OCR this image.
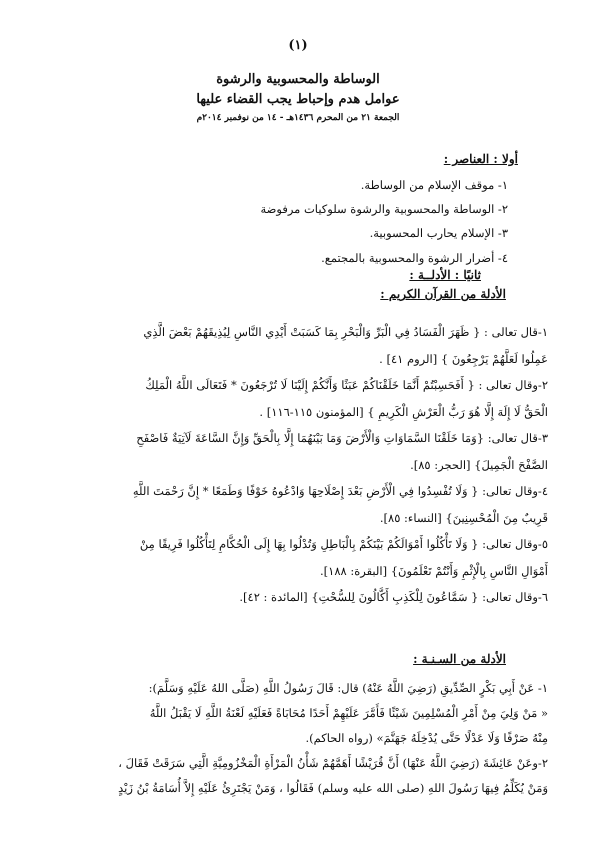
(١)
الوساطة والمحسوبية والرشوة
عوامل هدم وإحباط يجب القضاء عليها
الجمعة ٢١ من المحرم ١٤٣٦هـ - ١٤ من نوفمبر ٢٠١٤م
أولا : العناصر :
١- موقف الإسلام من الوساطة.
٢- الوساطة والمحسوبية والرشوة سلوكيات مرفوضة
٣- الإسلام يحارب المحسوبية.
٤- أضرار الرشوة والمحسوبية بالمجتمع.
ثانيًا : الأدلــة :
الأدلة من القرآن الكريم :
١-قال تعالى : { ظَهَرَ الْفَسَادُ فِي الْبَرِّ وَالْبَحْرِ بِمَا كَسَبَتْ أَيْدِي النَّاسِ لِيُذِيقَهُمْ بَعْضَ الَّذِي
عَمِلُوا لَعَلَّهُمْ يَرْجِعُونَ } [الروم ٤١] .
٢-وقال تعالى : { أَفَحَسِبْتُمْ أَنَّمَا خَلَقْنَاكُمْ عَبَثًا وَأَنَّكُمْ إِلَيْنَا لَا تُرْجَعُونَ * فَتَعَالَى اللَّهُ الْمَلِكُ
الْحَقُّ لَا إِلَهَ إِلَّا هُوَ رَبُّ الْعَرْشِ الْكَرِيمِ } [المؤمنون ١١٥-١١٦] .
٣-قال تعالى: {وَمَا خَلَقْنَا السَّمَاوَاتِ وَالْأَرْضَ وَمَا بَيْنَهُمَا إِلَّا بِالْحَقِّ وَإِنَّ السَّاعَةَ لَآتِيَةٌ فَاصْفَحِ
الصَّفْحَ الْجَمِيلَ} [الحجر: ٨٥].
٤-وقال تعالى: { وَلَا تُفْسِدُوا فِي الْأَرْضِ بَعْدَ إِصْلَاحِهَا وَادْعُوهُ خَوْفًا وَطَمَعًا * إِنَّ رَحْمَتَ اللَّهِ
قَرِيبٌ مِنَ الْمُحْسِنِينَ} [النساء: ٨٥].
٥-وقال تعالى: { وَلَا تَأْكُلُوا أَمْوَالَكُمْ بَيْنَكُمْ بِالْبَاطِلِ وَتُدْلُوا بِهَا إِلَى الْحُكَّامِ لِتَأْكُلُوا فَرِيقًا مِنْ
أَمْوَالِ النَّاسِ بِالْإِثْمِ وَأَنْتُمْ تَعْلَمُونَ} [البقرة: ١٨٨].
٦-وقال تعالى: { سَمَّاعُونَ لِلْكَذِبِ أَكَّالُونَ لِلسُّحْتِ} [المائدة : ٤٢].
الأدلة من السـنـة :
١- عَنْ أَبِي بَكْرٍ الصِّدِّيقِ (رَضِيَ اللَّهُ عَنْهُ) قال: قَالَ رَسُولُ اللَّهِ (صَلَّى اللهُ عَلَيْهِ وَسَلَّمَ):
« مَنْ وَلِيَ مِنْ أَمْرِ الْمُسْلِمِينَ شَيْئًا فَأَمَّرَ عَلَيْهِمْ أَحَدًا مُحَابَاةً فَعَلَيْهِ لَعْنَةُ اللَّهِ لَا يَقْبَلُ اللَّهُ
مِنْهُ صَرْفًا وَلَا عَدْلًا حَتَّى يُدْخِلَهُ جَهَنَّمَ» (رواه الحاكم).
٢-وعَنْ عَائِشَةَ (رَضِيَ اللَّهُ عَنْهَا) أَنَّ قُرَيْشًا أَهَمَّهُمْ شَأْنُ الْمَرْأَةِ الْمَخْزُومِيَّةِ الَّتِي سَرَقَتْ فَقَالَ ،
وَمَنْ يُكَلِّمُ فِيهَا رَسُولَ اللهِ (صلى الله عليه وسلم) فَقَالُوا ، وَمَنْ يَجْتَرِئُ عَلَيْهِ إِلاَّ أُسَامَةُ بْنُ زَيْدٍ
